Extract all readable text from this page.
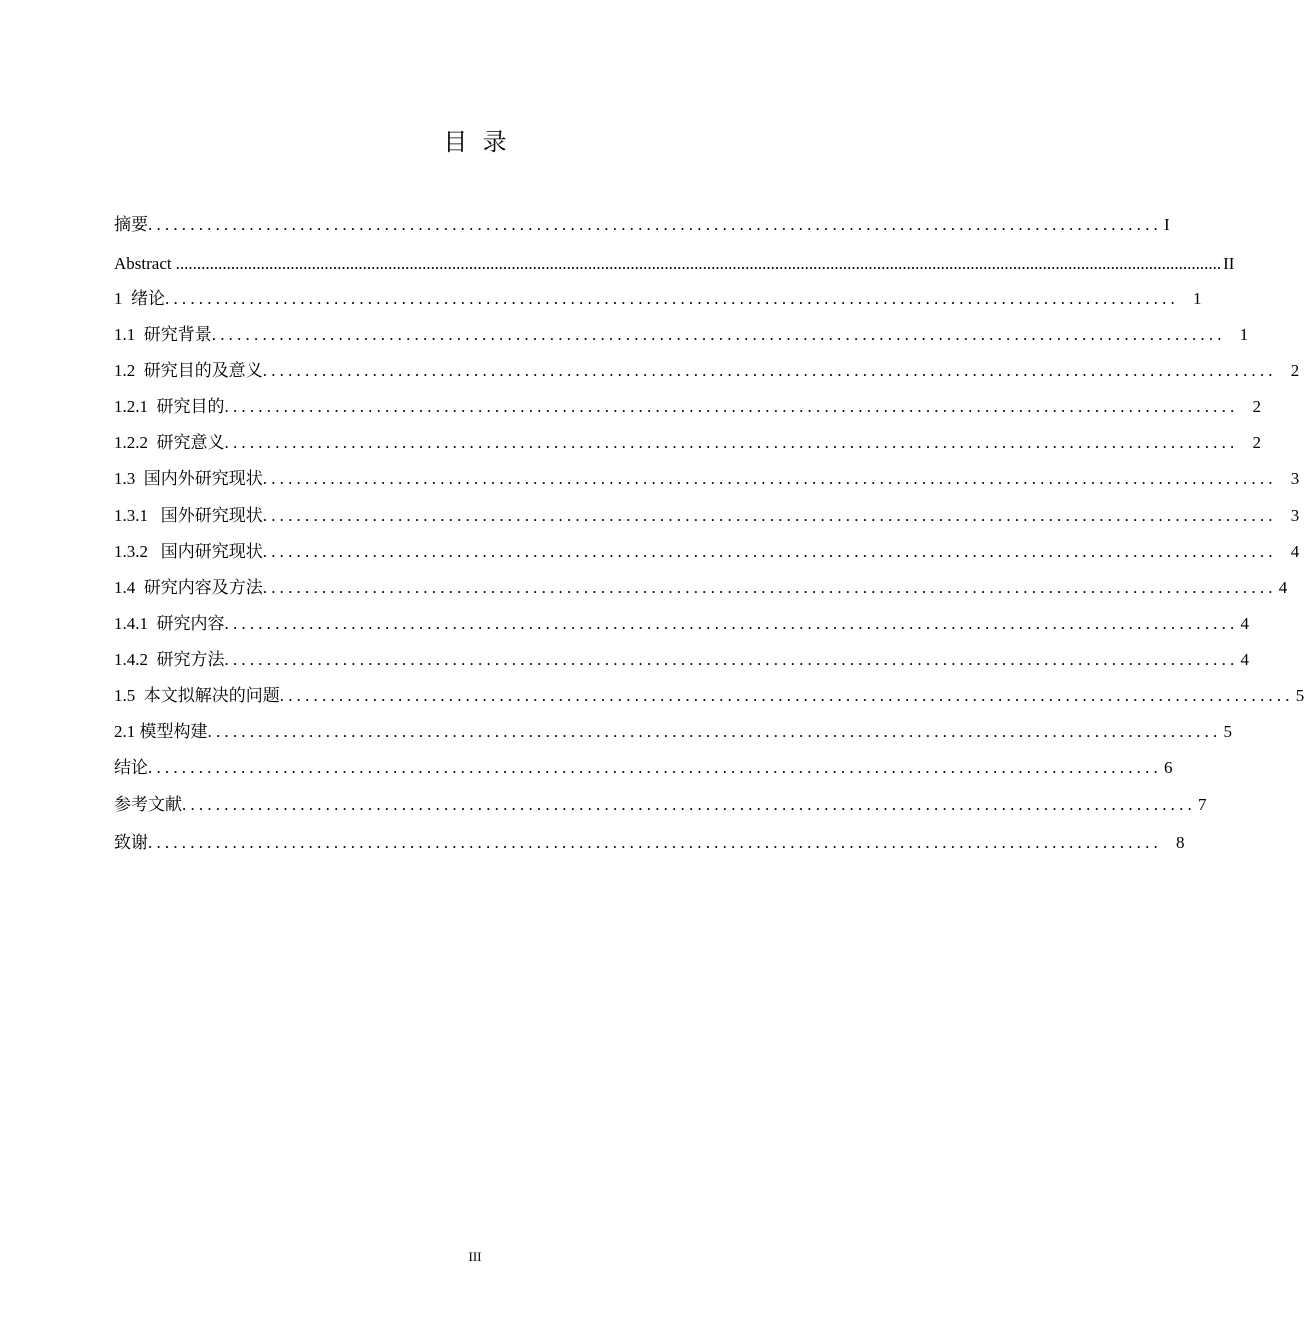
目  录
摘要 ........................................................................................................................ I
Abstract ...................................................................................................................................................................................................................................................... II
1  绪论 ........................................................................................................................ 1
1.1  研究背景 ........................................................................................................................ 1
1.2  研究目的及意义 ........................................................................................................................ 2
1.2.1  研究目的 ........................................................................................................................ 2
1.2.2  研究意义 ........................................................................................................................ 2
1.3  国内外研究现状 ........................................................................................................................ 3
1.3.1   国外研究现状 ........................................................................................................................ 3
1.3.2   国内研究现状 ........................................................................................................................ 4
1.4  研究内容及方法 ........................................................................................................................ 4
1.4.1  研究内容 ........................................................................................................................ 4
1.4.2  研究方法 ........................................................................................................................ 4
1.5  本文拟解决的问题 ........................................................................................................................ 5
2.1 模型构建 ........................................................................................................................ 5
结论 ........................................................................................................................ 6
参考文献 ........................................................................................................................ 7
致谢 ........................................................................................................................ 8
III
